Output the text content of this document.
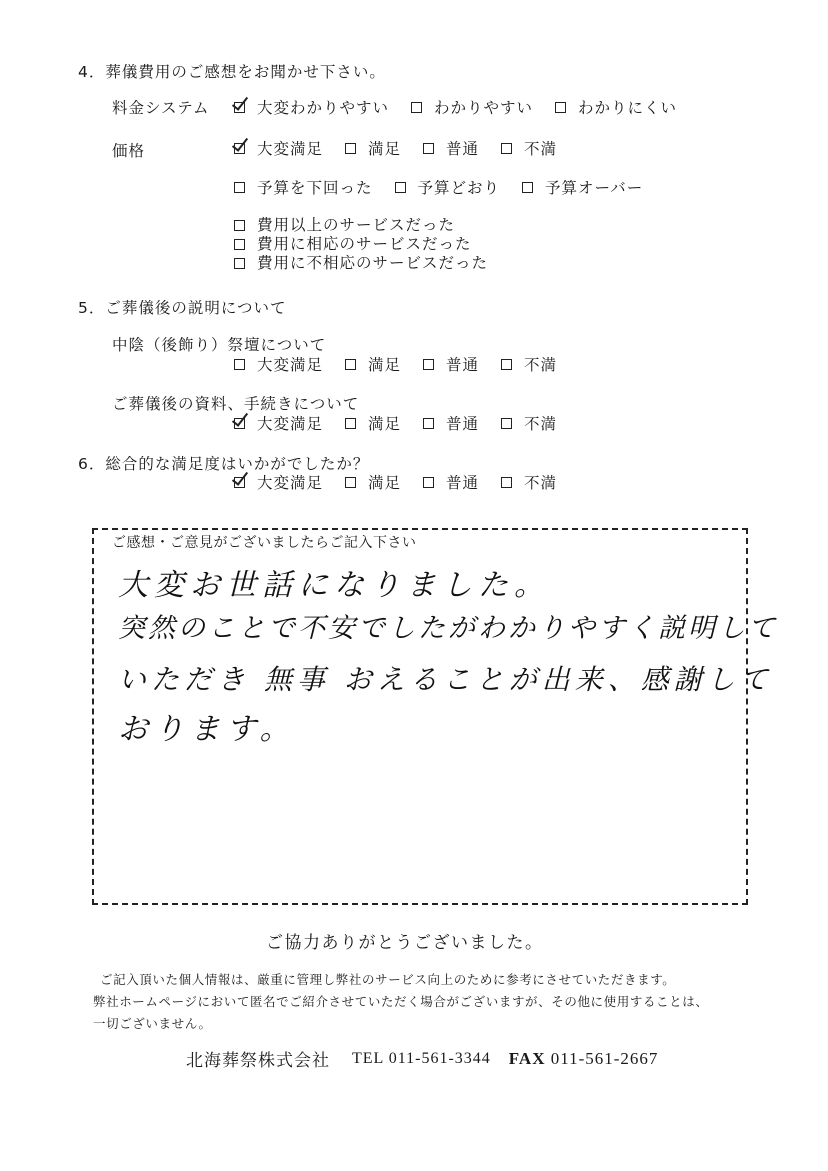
4．葬儀費用のご感想をお聞かせ下さい。
料金システム	大変わかりやすい	わかりやすい	わかりにくい
価格	大変満足	満足	普通	不満
予算を下回った	予算どおり	予算オーバー
費用以上のサービスだった
費用に相応のサービスだった
費用に不相応のサービスだった
5．ご葬儀後の説明について
中陰（後飾り）祭壇について
大変満足	満足	普通	不満
ご葬儀後の資料、手続きについて
大変満足	満足	普通	不満
6．総合的な満足度はいかがでしたか？
大変満足	満足	普通	不満
ご感想・ご意見がございましたらご記入下さい
大変お世話になりました。
突然のことで不安でしたがわかりやすく説明して
いただき 無事 おえることが出来、感謝して
おります。
ご協力ありがとうございました。
ご記入頂いた個人情報は、厳重に管理し弊社のサービス向上のために参考にさせていただきます。
弊社ホームページにおいて匿名でご紹介させていただく場合がございますが、その他に使用することは、
一切ございません。
北海葬祭株式会社 TEL 011-561-3344 FAX 011-561-2667
